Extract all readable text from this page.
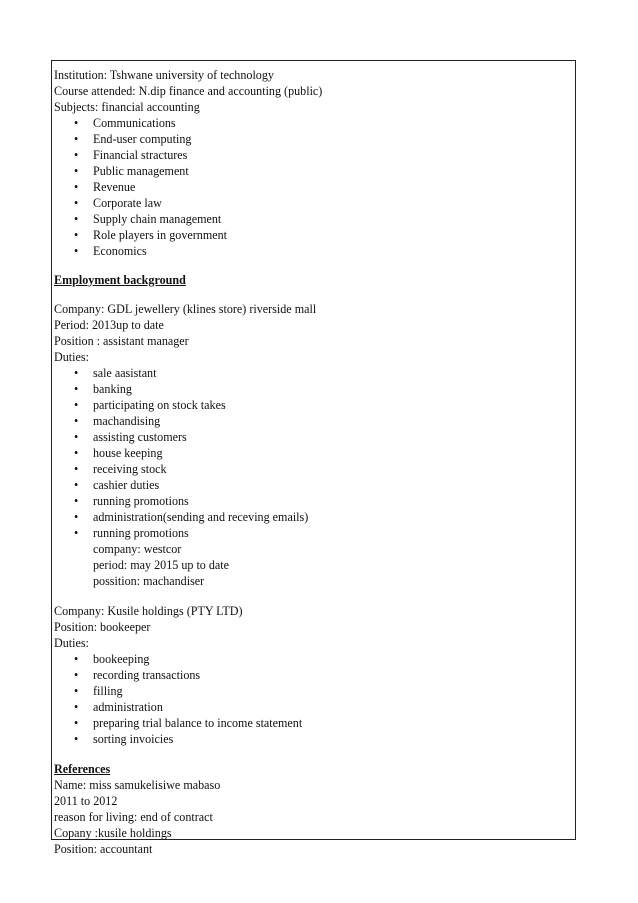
Institution: Tshwane university of technology
Course attended: N.dip finance and accounting (public)
Subjects: financial accounting
• Communications
• End-user computing
• Financial stractures
• Public management
• Revenue
• Corporate law
• Supply chain management
• Role players in government
• Economics
Employment background
Company: GDL jewellery (klines store) riverside mall
Period: 2013up to date
Position : assistant manager
Duties:
• sale aasistant
• banking
• participating on stock takes
• machandising
• assisting customers
• house keeping
• receiving stock
• cashier duties
• running promotions
• administration(sending and receving emails)
• running promotions
company: westcor
period: may 2015 up to date
possition: machandiser
Company: Kusile holdings (PTY LTD)
Position: bookeeper
Duties:
• bookeeping
• recording transactions
• filling
• administration
• preparing trial balance to income statement
• sorting invoicies
References
Name: miss samukelisiwe mabaso
2011 to 2012
reason for living: end of contract
Copany :kusile holdings
Position: accountant
